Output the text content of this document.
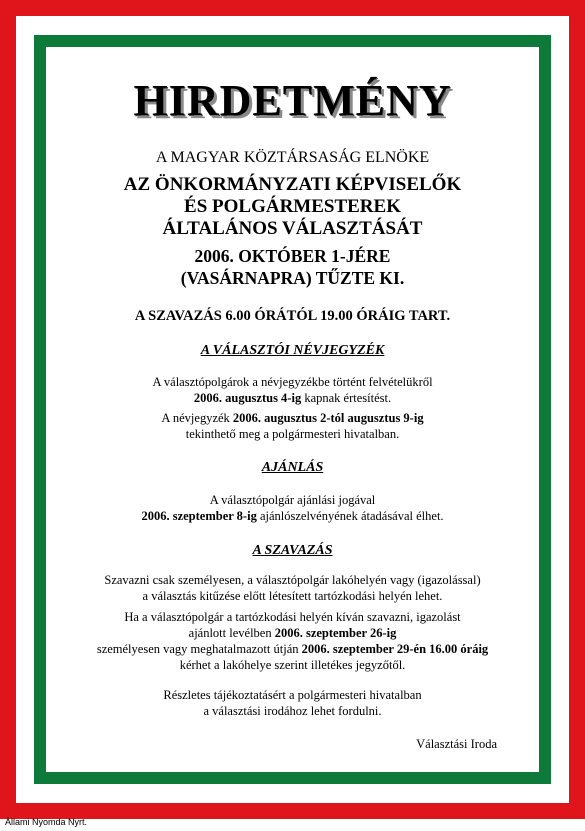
HIRDETMÉNY
A MAGYAR KÖZTÁRSASÁG ELNÖKE
AZ ÖNKORMÁNYZATI KÉPVISELŐK
ÉS POLGÁRMESTEREK
ÁLTALÁNOS VÁLASZTÁSÁT
2006. OKTÓBER 1-JÉRE
(VASÁRNAPRA) TŰZTE KI.
A SZAVAZÁS 6.00 ÓRÁTÓL 19.00 ÓRÁIG TART.
A VÁLASZTÓI NÉVJEGYZÉK
A választópolgárok a névjegyzékbe történt felvételükről
2006. augusztus 4-ig kapnak értesítést.
A névjegyzék 2006. augusztus 2-tól augusztus 9-ig
tekinthető meg a polgármesteri hivatalban.
AJÁNLÁS
A választópolgár ajánlási jogával
2006. szeptember 8-ig ajánlószelvényének átadásával élhet.
A SZAVAZÁS
Szavazni csak személyesen, a választópolgár lakóhelyén vagy (igazolással)
a választás kitűzése előtt létesített tartózkodási helyén lehet.
Ha a választópolgár a tartózkodási helyén kíván szavazni, igazolást
ajánlott levélben 2006. szeptember 26-ig
személyesen vagy meghatalmazott útján 2006. szeptember 29-én 16.00 óráig
kérhet a lakóhelye szerint illetékes jegyzőtől.
Részletes tájékoztatásért a polgármesteri hivatalban
a választási irodához lehet fordulni.
Választási Iroda
Állami Nyomda Nyrt.
